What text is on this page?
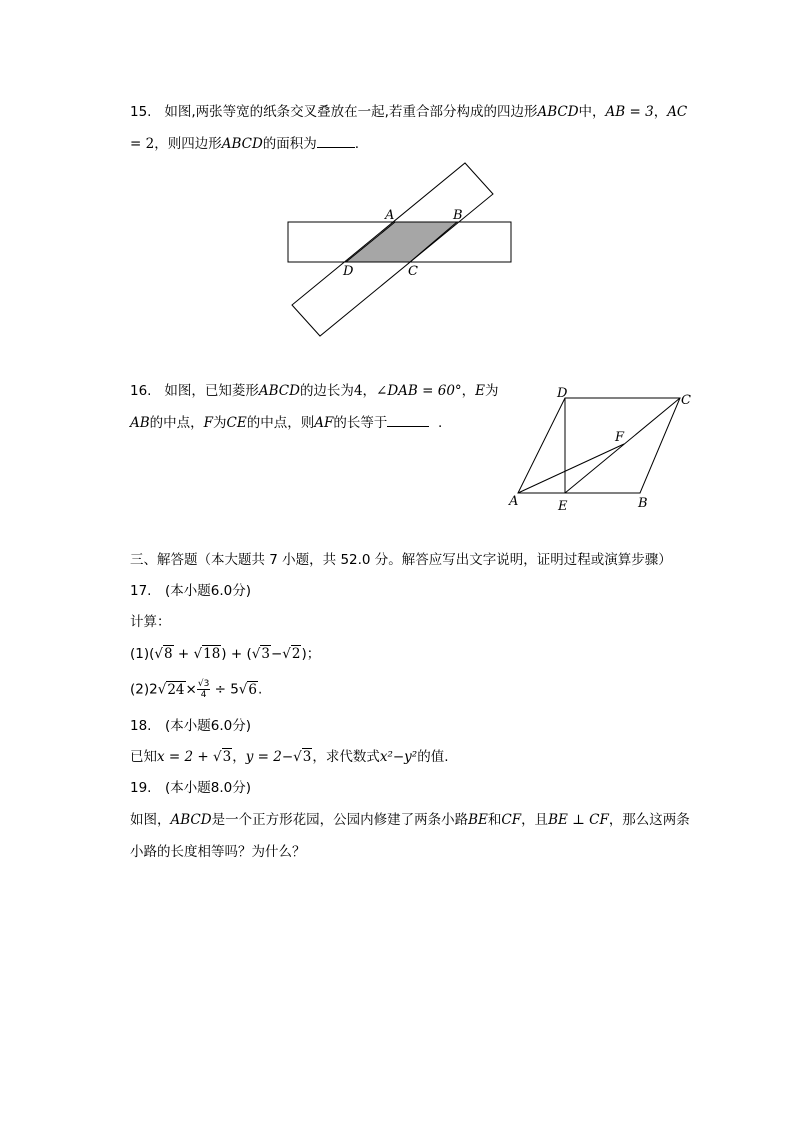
15. 如图,两张等宽的纸条交叉叠放在一起,若重合部分构成的四边形ABCD中，AB = 3，AC
= 2，则四边形ABCD的面积为	.
A	B
D	C
16. 如图，已知菱形ABCD的边长为4，∠DAB = 60°，E为
AB的中点，F为CE的中点，则AF的长等于	.
D	C
F
A	E	B
三、解答题（本大题共 7 小题，共 52.0 分。解答应写出文字说明，证明过程或演算步骤）
17.　(本小题6.0分)
计算：
(1)(√8 + √18) + (√3−√2)；
$(2)2√24\times \frac{√3}{4} \div 5√6$.
18.　(本小题6.0分)
已知x = 2 + √3，y = 2−√3，求代数式x²−y²的值.
19.　(本小题8.0分)
如图，ABCD是一个正方形花园，公园内修建了两条小路BE和CF，且BE ⊥ CF，那么这两条
小路的长度相等吗？为什么？
